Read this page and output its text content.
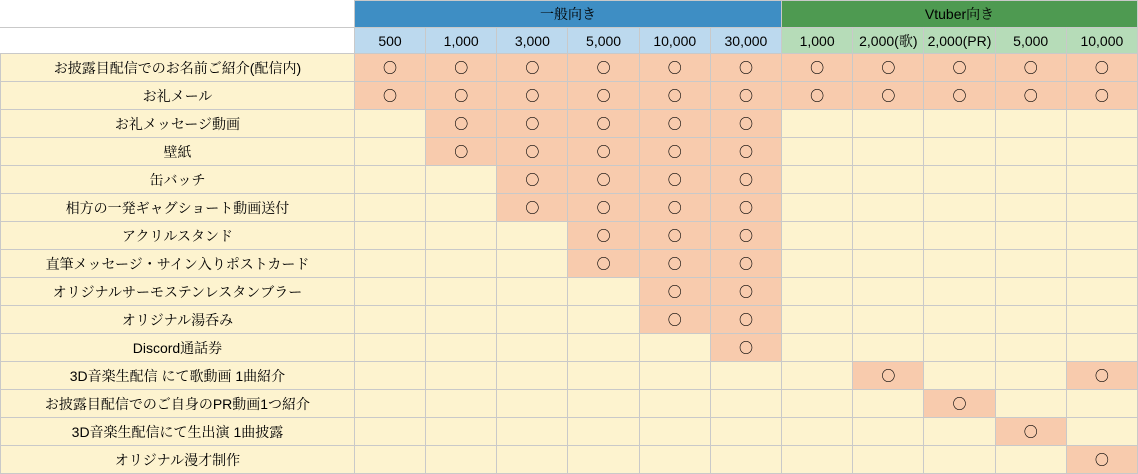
	一般向き						Vtuber向き				
	500	1,000	3,000	5,000	10,000	30,000	1,000	2,000(歌)	2,000(PR)	5,000	10,000
お披露目配信でのお名前ご紹介(配信内)	〇	〇	〇	〇	〇	〇	〇	〇	〇	〇	〇
お礼メール	〇	〇	〇	〇	〇	〇	〇	〇	〇	〇	〇
お礼メッセージ動画		〇	〇	〇	〇	〇					
壁紙		〇	〇	〇	〇	〇					
缶バッチ			〇	〇	〇	〇					
相方の一発ギャグショート動画送付			〇	〇	〇	〇					
アクリルスタンド				〇	〇	〇					
直筆メッセージ・サイン入りポストカード				〇	〇	〇					
オリジナルサーモステンレスタンブラー					〇	〇					
オリジナル湯呑み					〇	〇					
Discord通話券						〇					
3D音楽生配信 にて歌動画 1曲紹介								〇			〇
お披露目配信でのご自身のPR動画1つ紹介									〇		
3D音楽生配信にて生出演 1曲披露										〇	
オリジナル漫才制作											〇
